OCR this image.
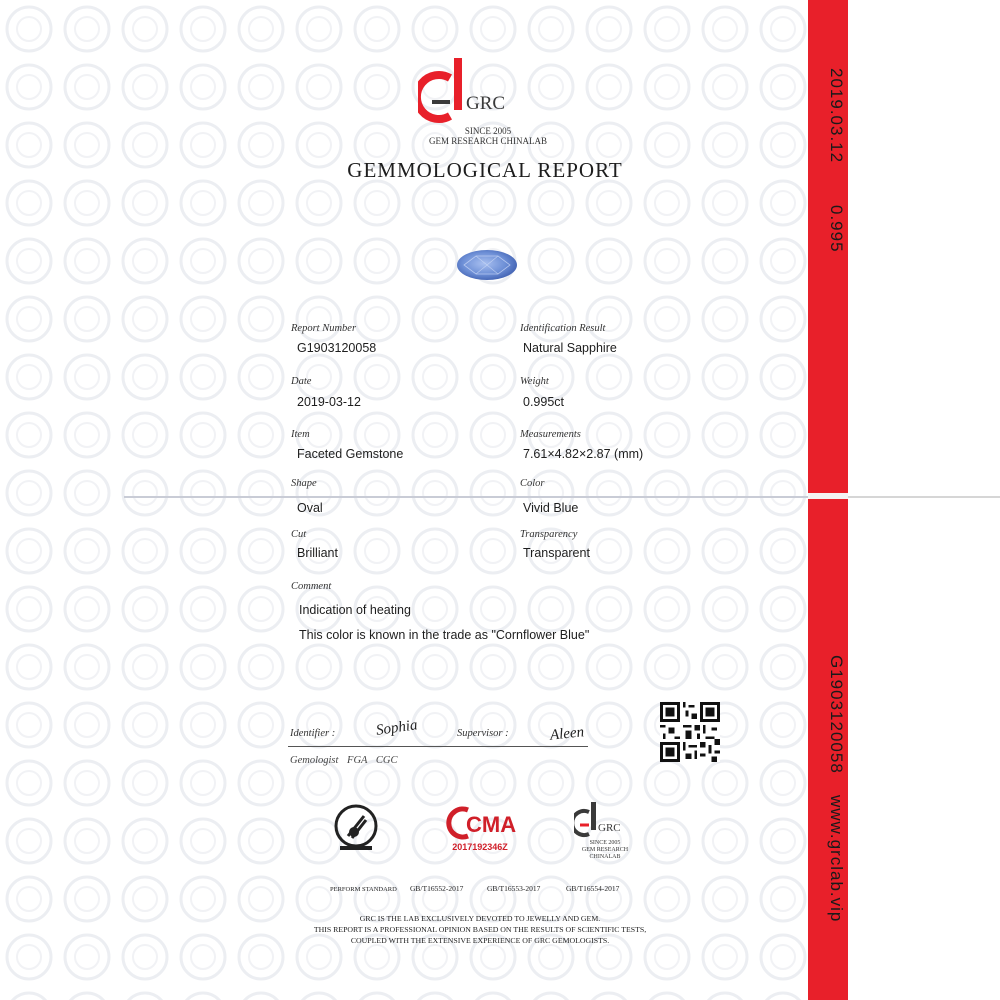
2019.03.12
0.995
G1903120058
www.grclab.vip
GRC
SINCE 2005
GEM RESEARCH CHINALAB
GEMMOLOGICAL REPORT
Report Number
G1903120058
Date
2019-03-12
Item
Faceted Gemstone
Shape
Oval
Cut
Brilliant
Identification Result
Natural Sapphire
Weight
0.995ct
Measurements
7.61×4.82×2.87 (mm)
Color
Vivid Blue
Transparency
Transparent
Comment
Indication of heating
This color is known in the trade as "Cornflower Blue"
Identifier :	Sophia	Supervisor :	Aleen
Gemologist FGA CGC
CMA
2017192346Z
GRC
SINCE 2005
GEM RESEARCH CHINALAB
PERFORM STANDARD GB/T16552-2017	GB/T16553-2017	GB/T16554-2017
GRC IS THE LAB EXCLUSIVELY DEVOTED TO JEWELLY AND GEM.
THIS REPORT IS A PROFESSIONAL OPINION BASED ON THE RESULTS OF SCIENTIFIC TESTS,
COUPLED WITH THE EXTENSIVE EXPERIENCE OF GRC GEMOLOGISTS.
